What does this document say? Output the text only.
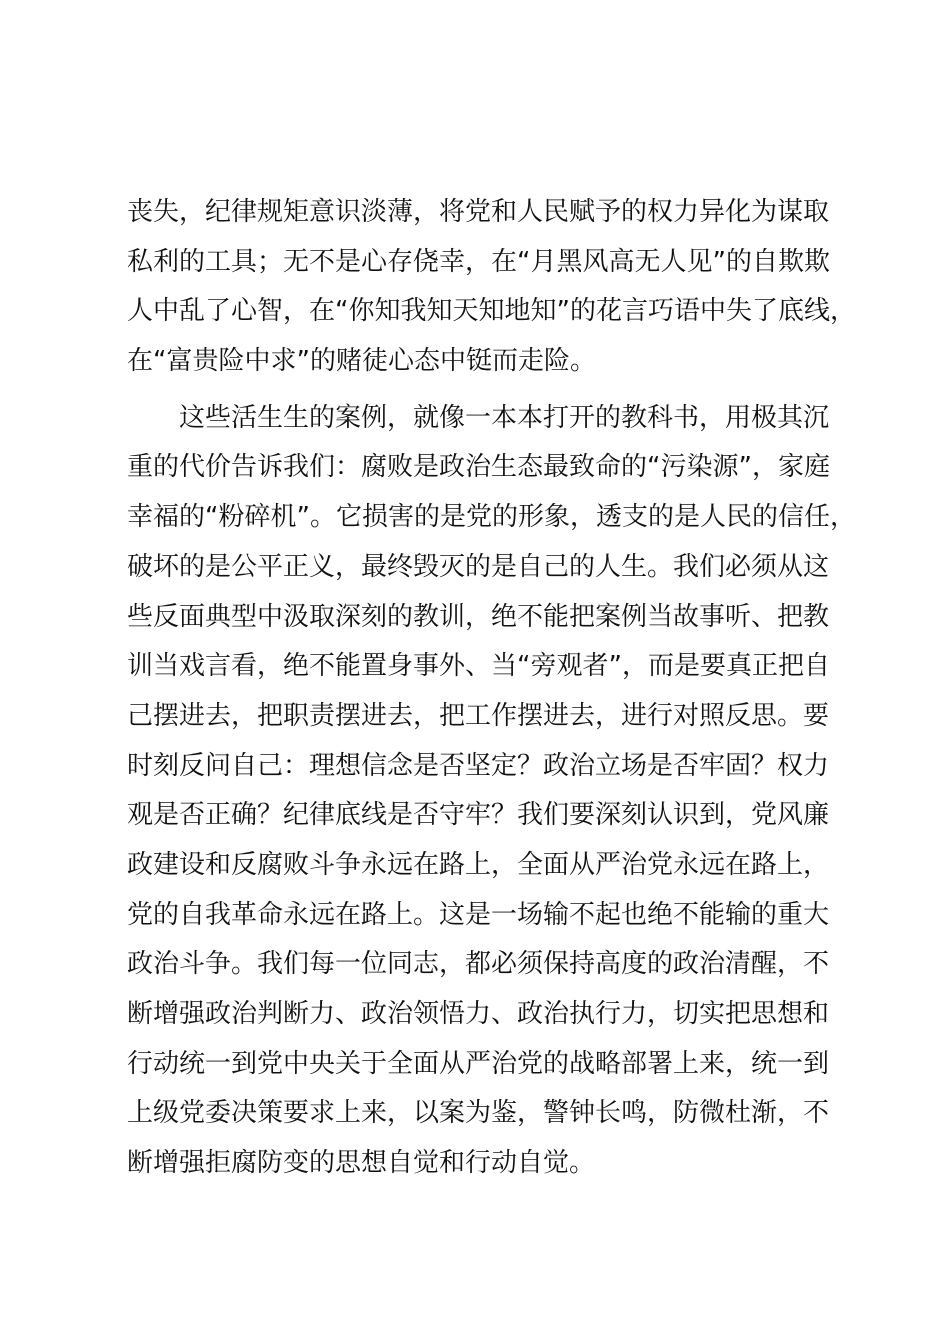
丧失，纪律规矩意识淡薄，将党和人民赋予的权力异化为谋取
私利的工具；无不是心存侥幸，在“月黑风高无人见”的自欺欺
人中乱了心智，在“你知我知天知地知”的花言巧语中失了底线，
在“富贵险中求”的赌徒心态中铤而走险。
这些活生生的案例，就像一本本打开的教科书，用极其沉
重的代价告诉我们：腐败是政治生态最致命的“污染源”，家庭
幸福的“粉碎机”。它损害的是党的形象，透支的是人民的信任，
破坏的是公平正义，最终毁灭的是自己的人生。我们必须从这
些反面典型中汲取深刻的教训，绝不能把案例当故事听、把教
训当戏言看，绝不能置身事外、当“旁观者”，而是要真正把自
己摆进去，把职责摆进去，把工作摆进去，进行对照反思。要
时刻反问自己：理想信念是否坚定？政治立场是否牢固？权力
观是否正确？纪律底线是否守牢？我们要深刻认识到，党风廉
政建设和反腐败斗争永远在路上，全面从严治党永远在路上，
党的自我革命永远在路上。这是一场输不起也绝不能输的重大
政治斗争。我们每一位同志，都必须保持高度的政治清醒，不
断增强政治判断力、政治领悟力、政治执行力，切实把思想和
行动统一到党中央关于全面从严治党的战略部署上来，统一到
上级党委决策要求上来，以案为鉴，警钟长鸣，防微杜渐，不
断增强拒腐防变的思想自觉和行动自觉。
